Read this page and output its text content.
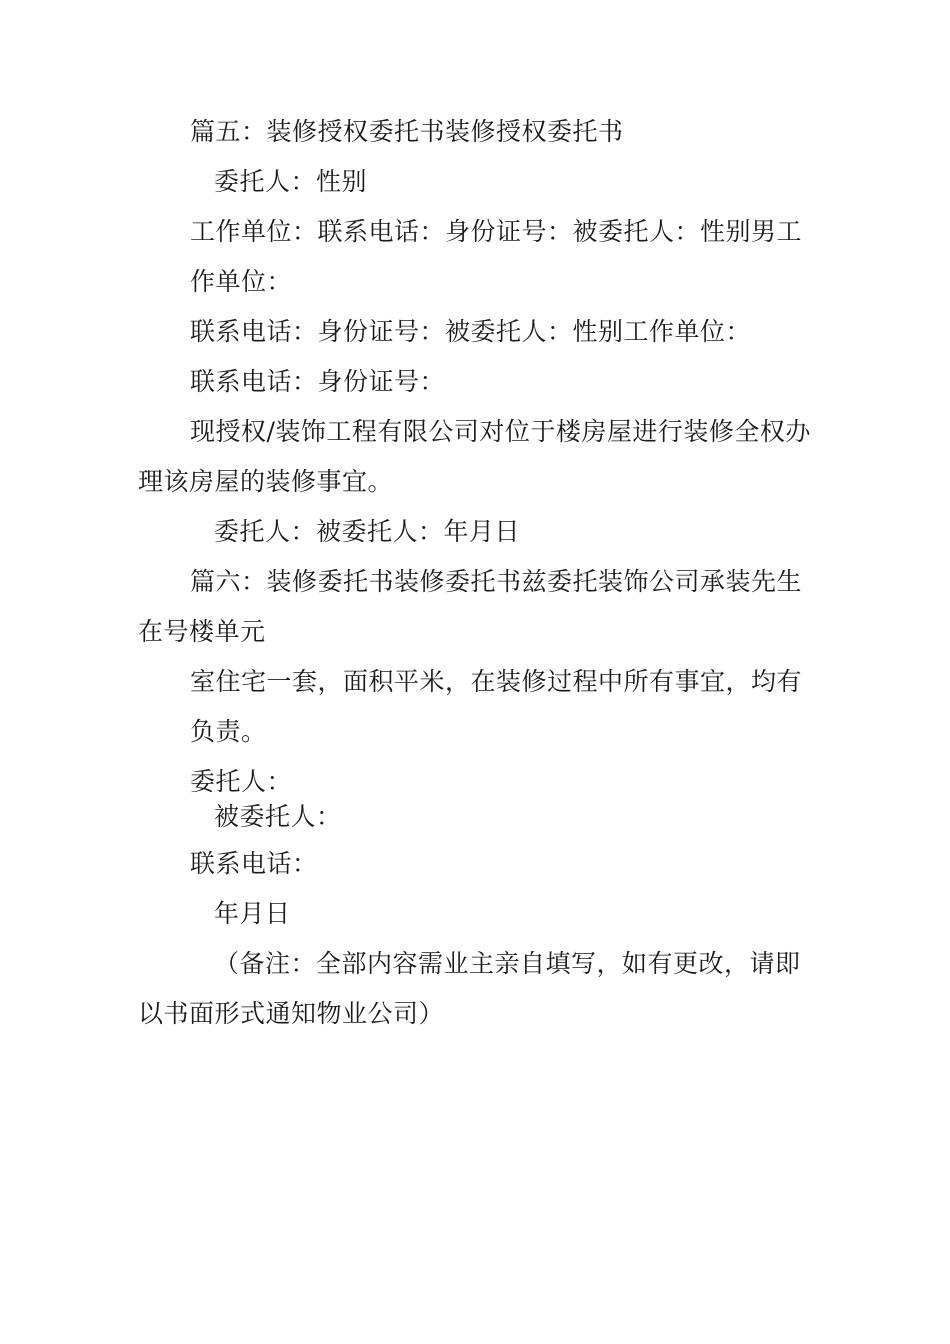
篇五：装修授权委托书装修授权委托书
委托人：性别
工作单位：联系电话：身份证号：被委托人：性别男工
作单位：
联系电话：身份证号：被委托人：性别工作单位：
联系电话：身份证号：
现授权/装饰工程有限公司对位于楼房屋进行装修全权办
理该房屋的装修事宜。
委托人：被委托人：年月日
篇六：装修委托书装修委托书兹委托装饰公司承装先生
在号楼单元
室住宅一套，面积平米，在装修过程中所有事宜，均有
负责。
委托人：
被委托人：
联系电话：
年月日
（备注：全部内容需业主亲自填写，如有更改，请即
以书面形式通知物业公司）
